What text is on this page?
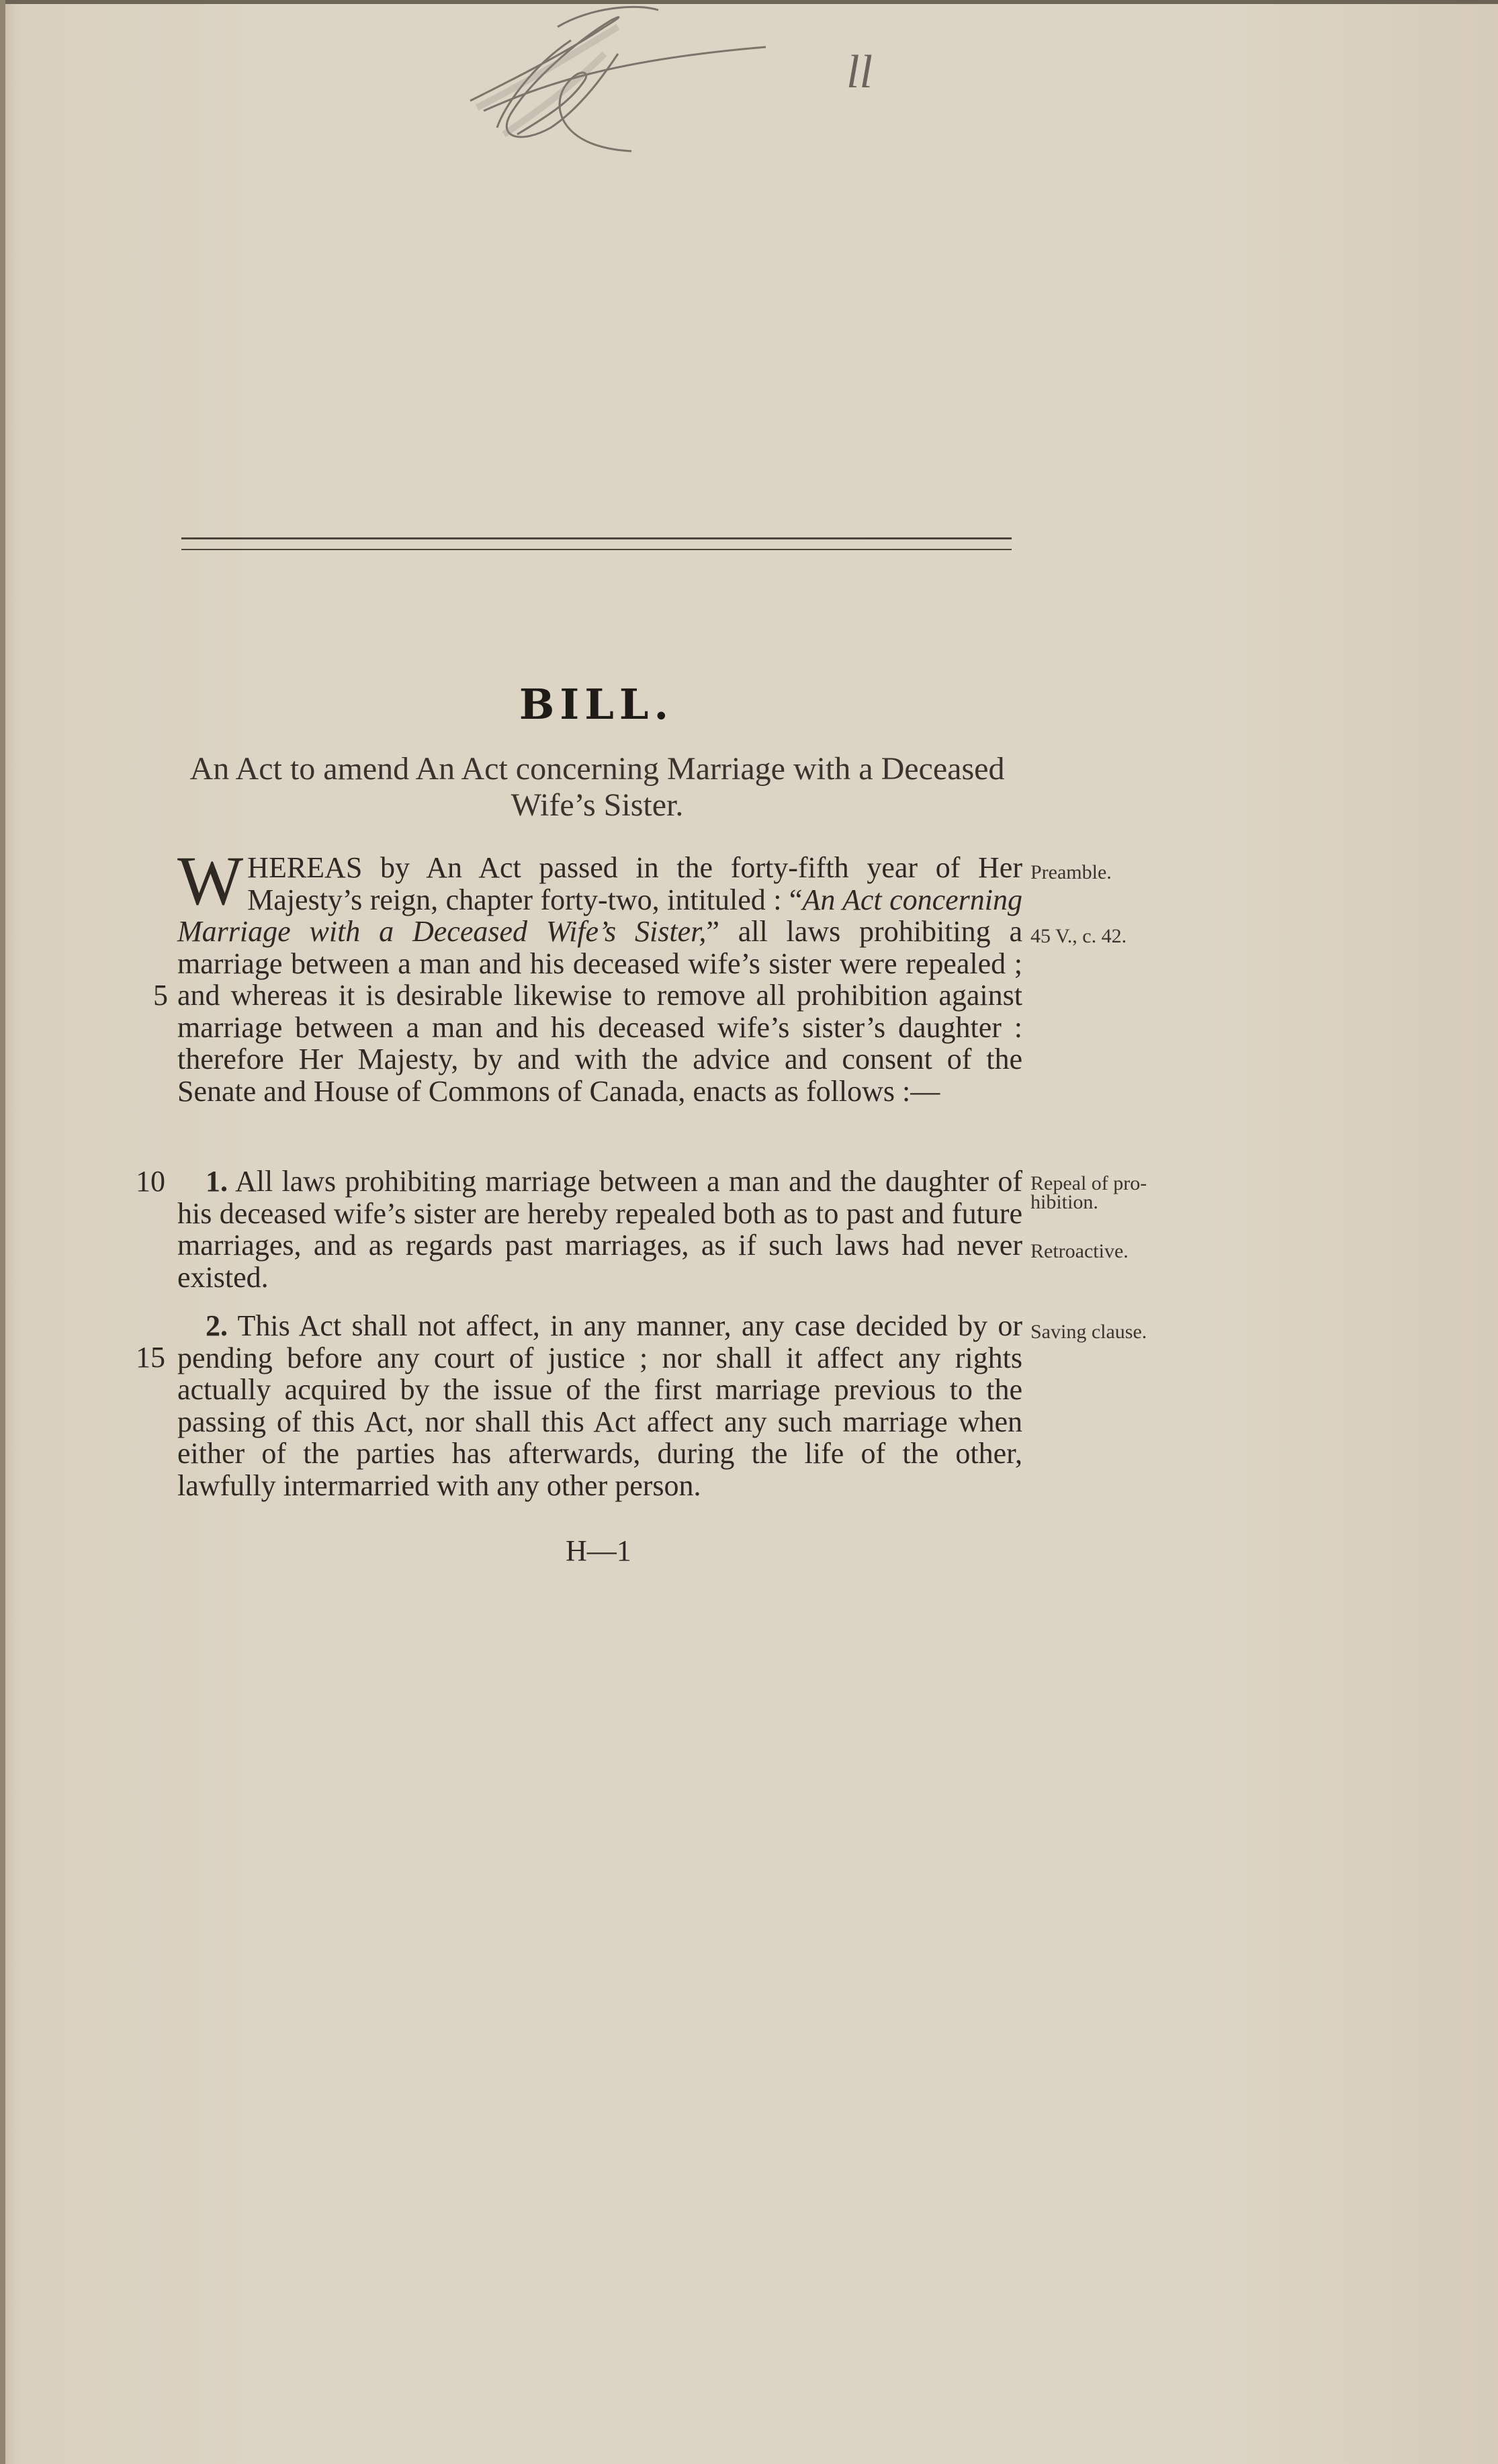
ll
BILL.
An Act to amend An Act concerning Marriage with a Deceased Wife’s Sister.

WHEREAS by An Act passed in the forty-fifth year of Her Majesty’s reign, chapter forty-two, intituled : “An Act concerning Marriage with a Deceased Wife’s Sister,” all laws prohibiting a marriage between a man and his deceased wife’s sister were repealed ; and whereas it is desirable likewise to remove all prohibition against marriage between a man and his deceased wife’s sister’s daughter : therefore Her Majesty, by and with the advice and consent of the Senate and House of Commons of Canada, enacts as follows :—

1. All laws prohibiting marriage between a man and the daughter of his deceased wife’s sister are hereby repealed both as to past and future marriages, and as regards past marriages, as if such laws had never existed.

2. This Act shall not affect, in any manner, any case decided by or pending before any court of justice ; nor shall it affect any rights actually acquired by the issue of the first marriage previous to the passing of this Act, nor shall this Act affect any such marriage when either of the parties has afterwards, during the life of the other, lawfully intermarried with any other person.

5
10
15
Preamble.
45 V., c. 42.
Repeal of pro-
hibition.
Retroactive.
Saving clause.
H—1
